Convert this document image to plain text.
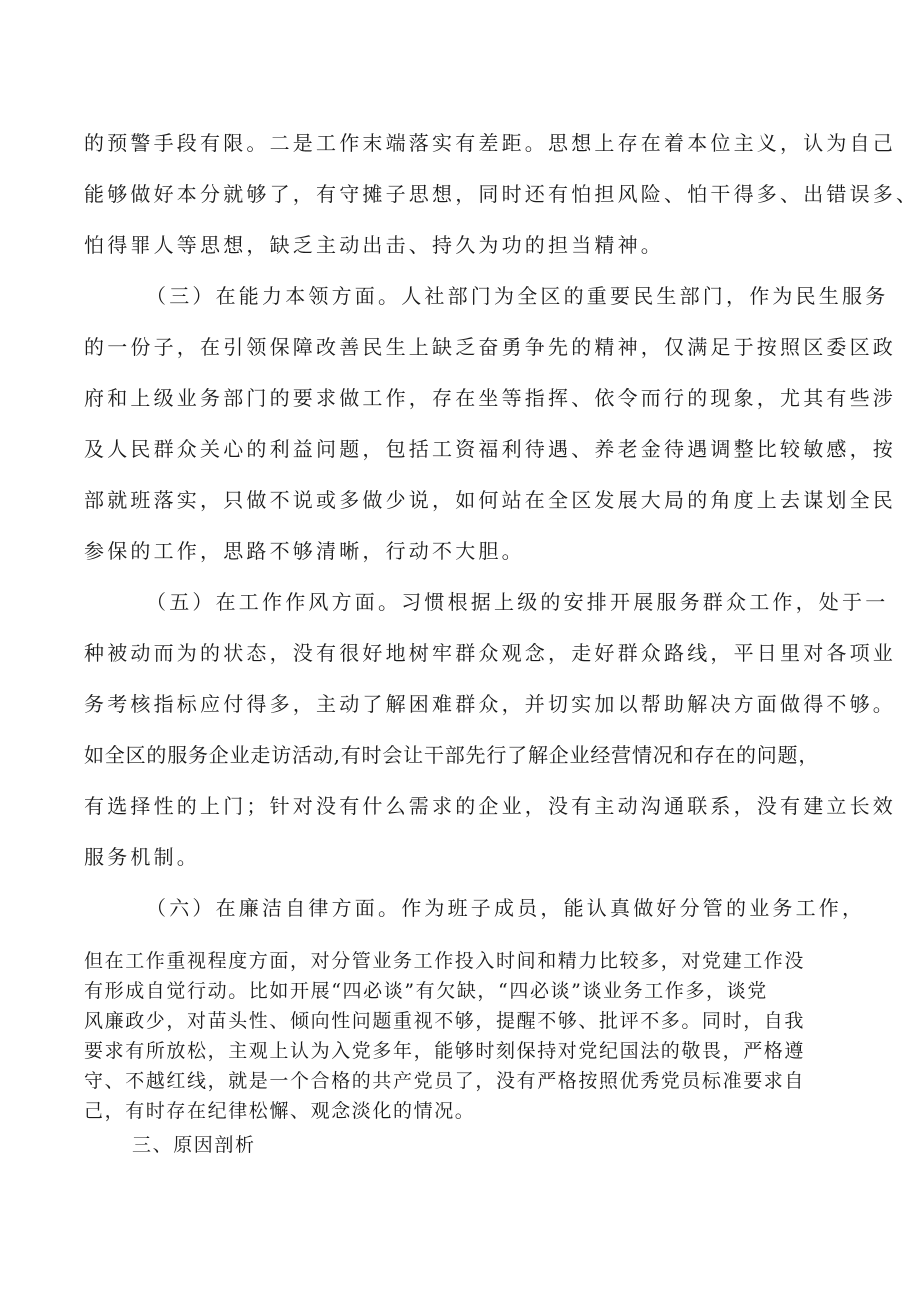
的预警手段有限。二是工作末端落实有差距。思想上存在着本位主义，认为自己
能够做好本分就够了，有守摊子思想，同时还有怕担风险、怕干得多、出错误多、
怕得罪人等思想，缺乏主动出击、持久为功的担当精神。
（三）在能力本领方面。人社部门为全区的重要民生部门，作为民生服务
的一份子，在引领保障改善民生上缺乏奋勇争先的精神，仅满足于按照区委区政
府和上级业务部门的要求做工作，存在坐等指挥、依令而行的现象，尤其有些涉
及人民群众关心的利益问题，包括工资福利待遇、养老金待遇调整比较敏感，按
部就班落实，只做不说或多做少说，如何站在全区发展大局的角度上去谋划全民
参保的工作，思路不够清晰，行动不大胆。
（五）在工作作风方面。习惯根据上级的安排开展服务群众工作，处于一
种被动而为的状态，没有很好地树牢群众观念，走好群众路线，平日里对各项业
务考核指标应付得多，主动了解困难群众，并切实加以帮助解决方面做得不够。
如全区的服务企业走访活动,有时会让干部先行了解企业经营情况和存在的问题，
有选择性的上门；针对没有什么需求的企业，没有主动沟通联系，没有建立长效
服务机制。
（六）在廉洁自律方面。作为班子成员，能认真做好分管的业务工作，
但在工作重视程度方面，对分管业务工作投入时间和精力比较多，对党建工作没
有形成自觉行动。比如开展“四必谈”有欠缺，“四必谈”谈业务工作多，谈党
风廉政少，对苗头性、倾向性问题重视不够，提醒不够、批评不多。同时，自我
要求有所放松，主观上认为入党多年，能够时刻保持对党纪国法的敬畏，严格遵
守、不越红线，就是一个合格的共产党员了，没有严格按照优秀党员标准要求自
己，有时存在纪律松懈、观念淡化的情况。
三、原因剖析
